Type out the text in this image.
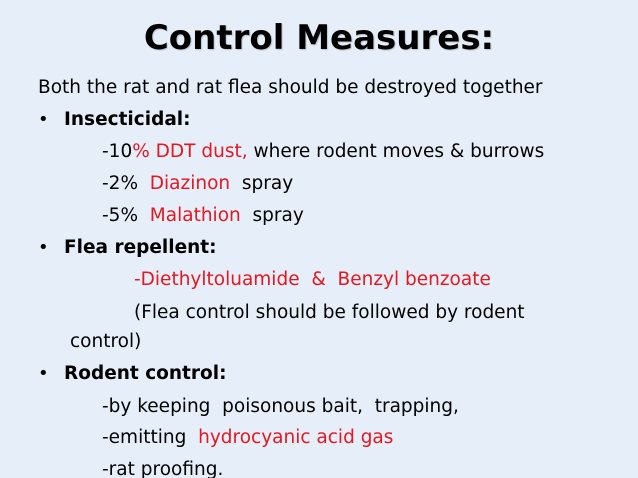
Control Measures:
Both the rat and rat flea should be destroyed together
• Insecticidal:
-10% DDT dust, where rodent moves & burrows
-2%  Diazinon  spray
-5%  Malathion  spray
• Flea repellent:
-Diethyltoluamide  &  Benzyl benzoate
(Flea control should be followed by rodent
control)
• Rodent control:
-by keeping  poisonous bait,  trapping,
-emitting  hydrocyanic acid gas
-rat proofing.
